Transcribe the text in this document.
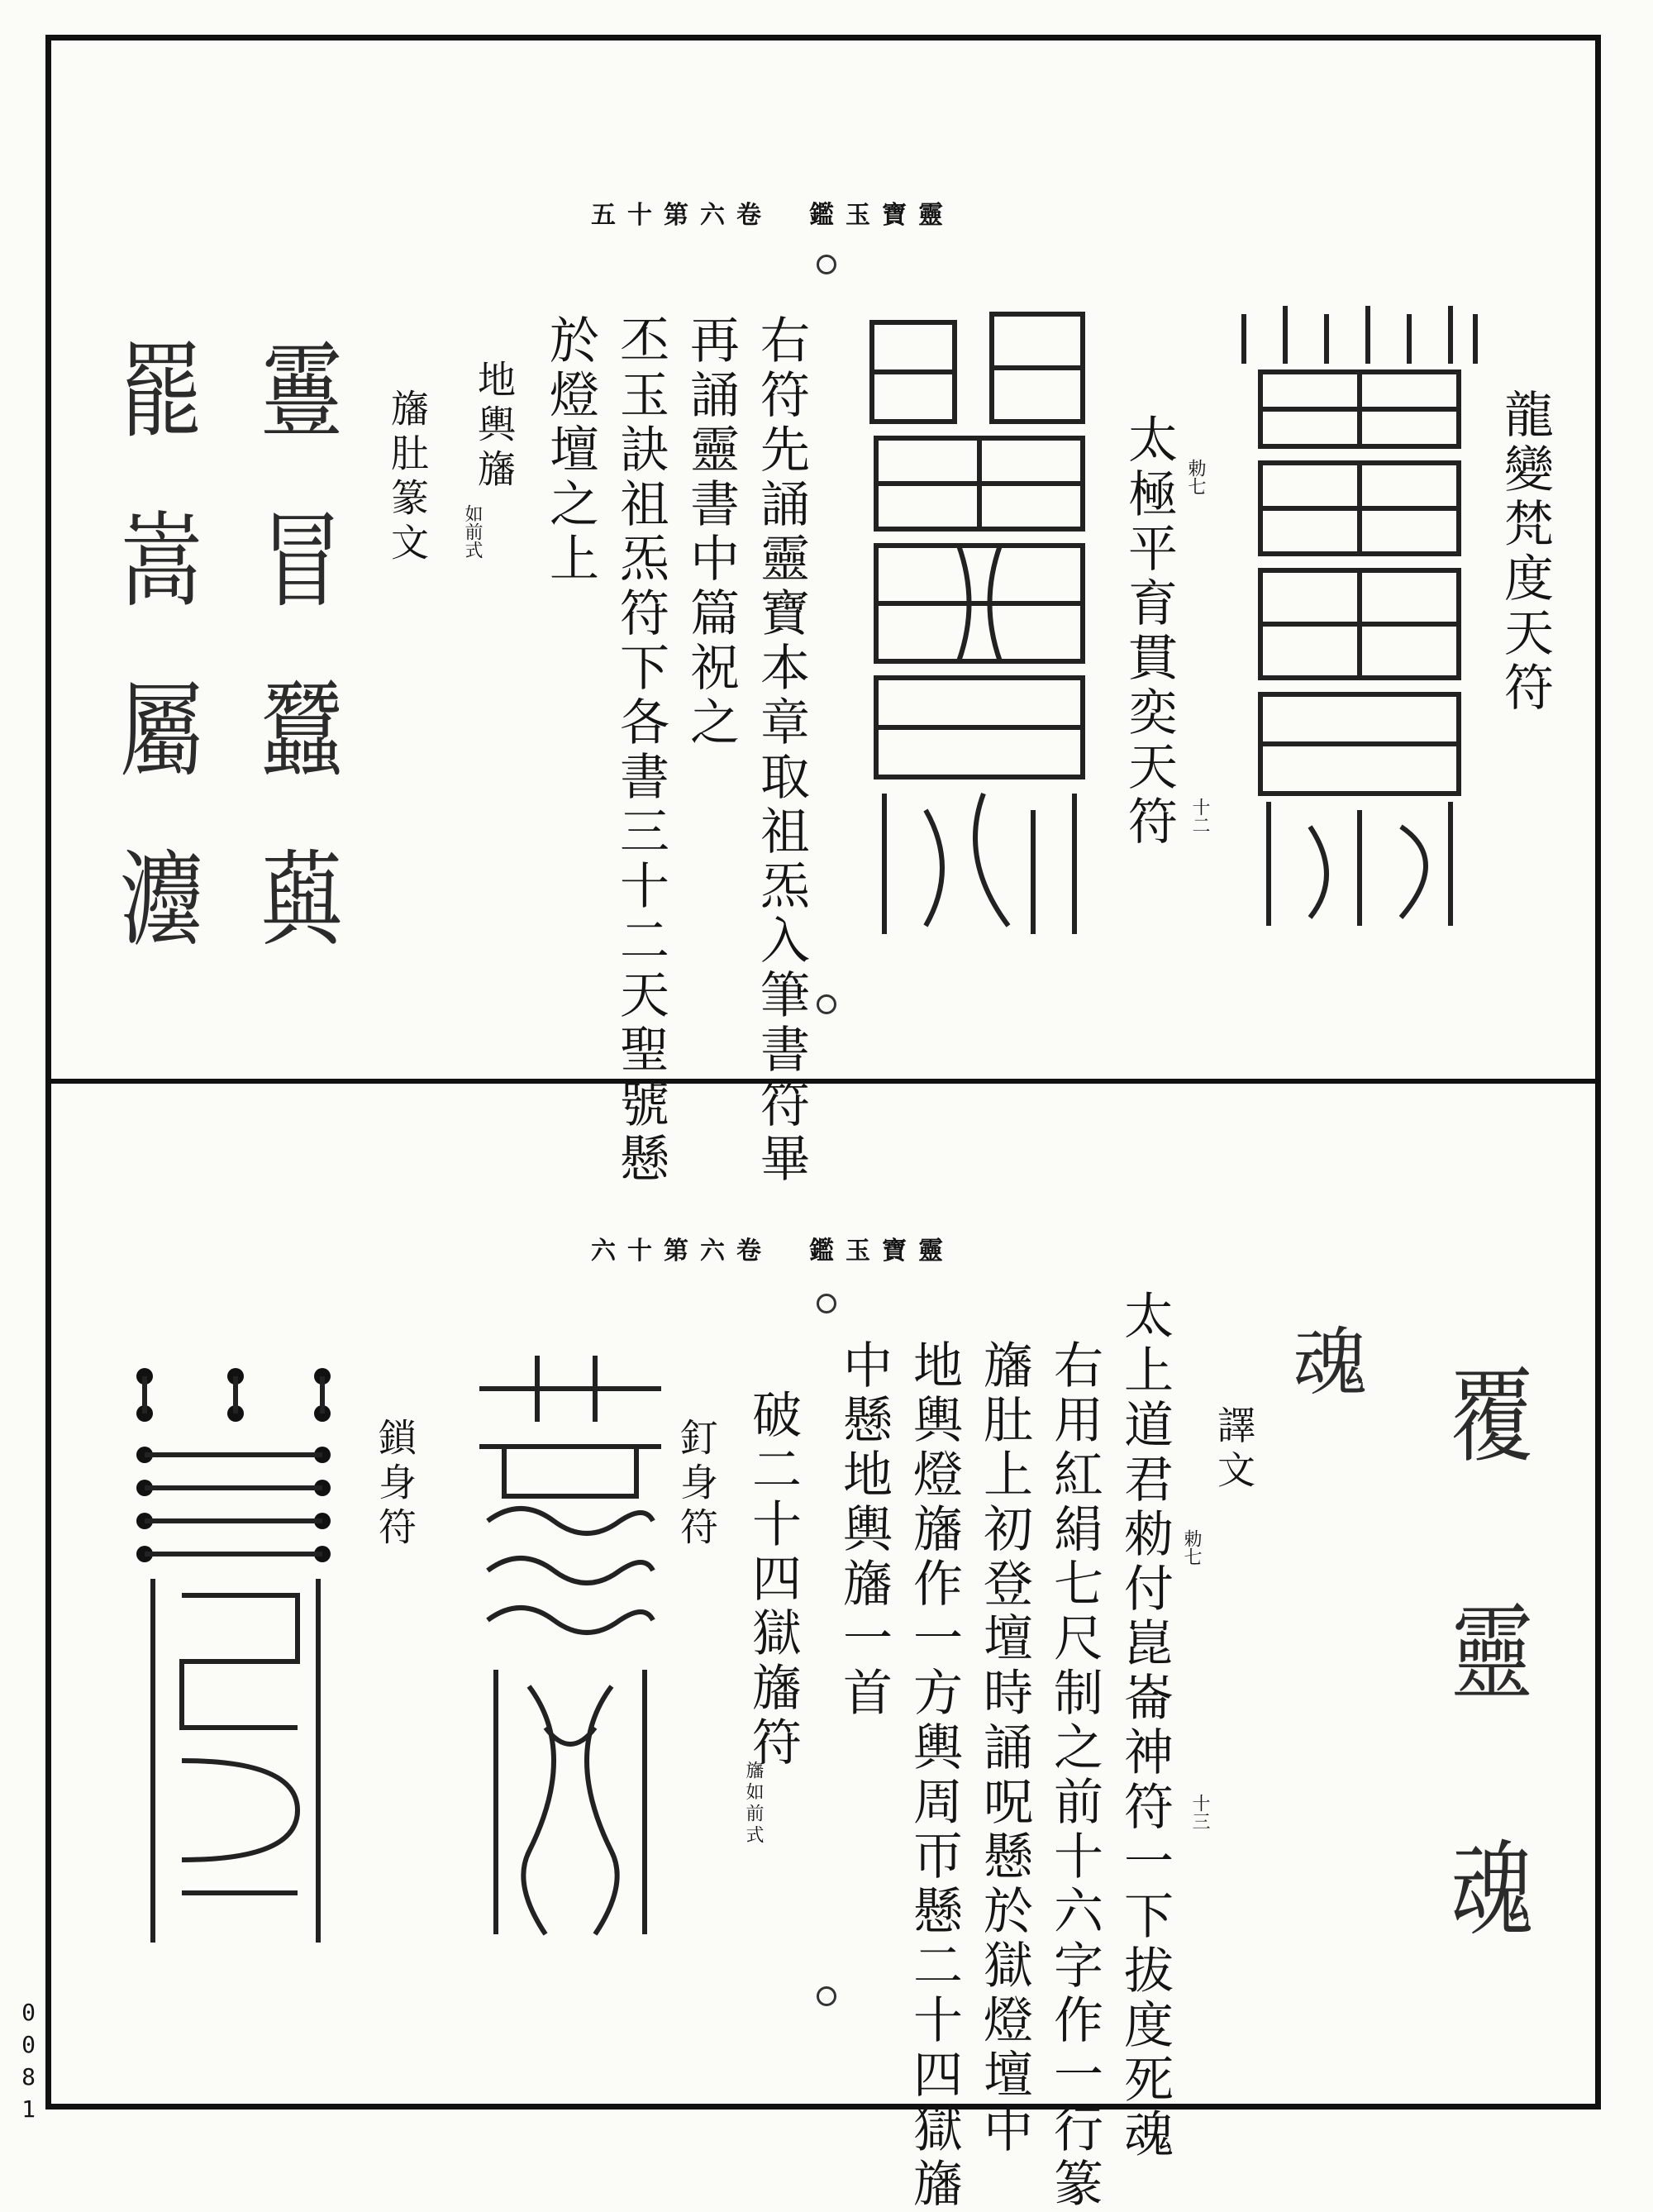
五十第六卷　鑑玉寶靈
龍變梵度天符
太極平育貫奕天符 勅七
十二
右符先誦靈寶本章取祖炁入筆書符畢
再誦靈書中篇祝之
丕玉訣祖炁符下各書三十二天聖號懸
於燈壇之上
地輿旛
如前式
旛肚篆文
霻
冒
蠶
藇
罷
嵩
屬
灋
六十第六卷　鑑玉寶靈
覆
靈
魂
魂
譯文
勅七
太上道君勑付崑崙神符一下拔度死魂
右用紅絹七尺制之前十六字作一行篆
旛肚上初登壇時誦呪懸於獄燈壇中
地輿燈旛作一方輿周帀懸二十四獄旛
中懸地輿旛一首
十三
破二十四獄旛符
旛如前式
釘身符
鎖身符
0081
